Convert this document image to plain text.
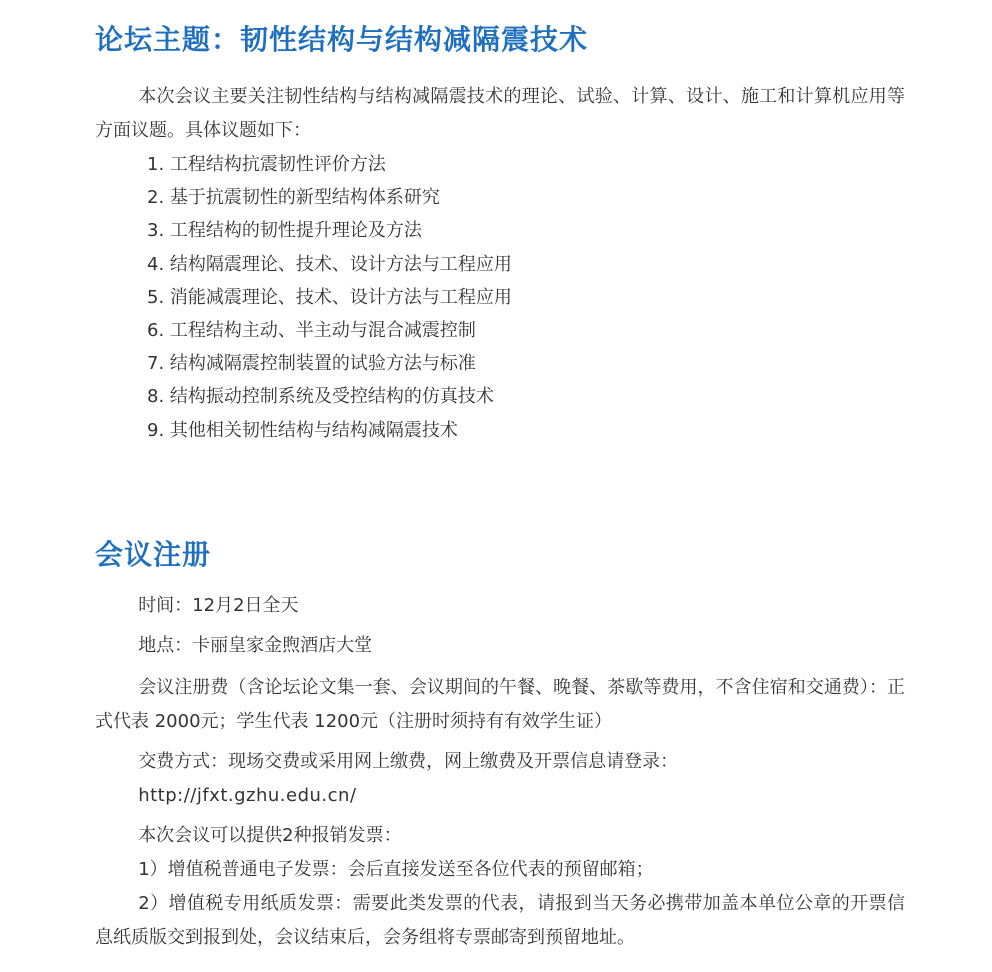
论坛主题：韧性结构与结构减隔震技术

本次会议主要关注韧性结构与结构减隔震技术的理论、试验、计算、设计、施工和计算机应用等方面议题。具体议题如下：

1. 工程结构抗震韧性评价方法
2. 基于抗震韧性的新型结构体系研究
3. 工程结构的韧性提升理论及方法
4. 结构隔震理论、技术、设计方法与工程应用
5. 消能减震理论、技术、设计方法与工程应用
6. 工程结构主动、半主动与混合减震控制
7. 结构减隔震控制装置的试验方法与标准
8. 结构振动控制系统及受控结构的仿真技术
9. 其他相关韧性结构与结构减隔震技术
会议注册

时间：12月2日全天

地点：卡丽皇家金煦酒店大堂

会议注册费（含论坛论文集一套、会议期间的午餐、晚餐、茶歇等费用，不含住宿和交通费）：正式代表 2000元；学生代表 1200元（注册时须持有有效学生证）

交费方式：现场交费或采用网上缴费，网上缴费及开票信息请登录：

http://jfxt.gzhu.edu.cn/

本次会议可以提供2种报销发票：

1）增值税普通电子发票：会后直接发送至各位代表的预留邮箱；

2）增值税专用纸质发票：需要此类发票的代表，请报到当天务必携带加盖本单位公章的开票信息纸质版交到报到处，会议结束后，会务组将专票邮寄到预留地址。
